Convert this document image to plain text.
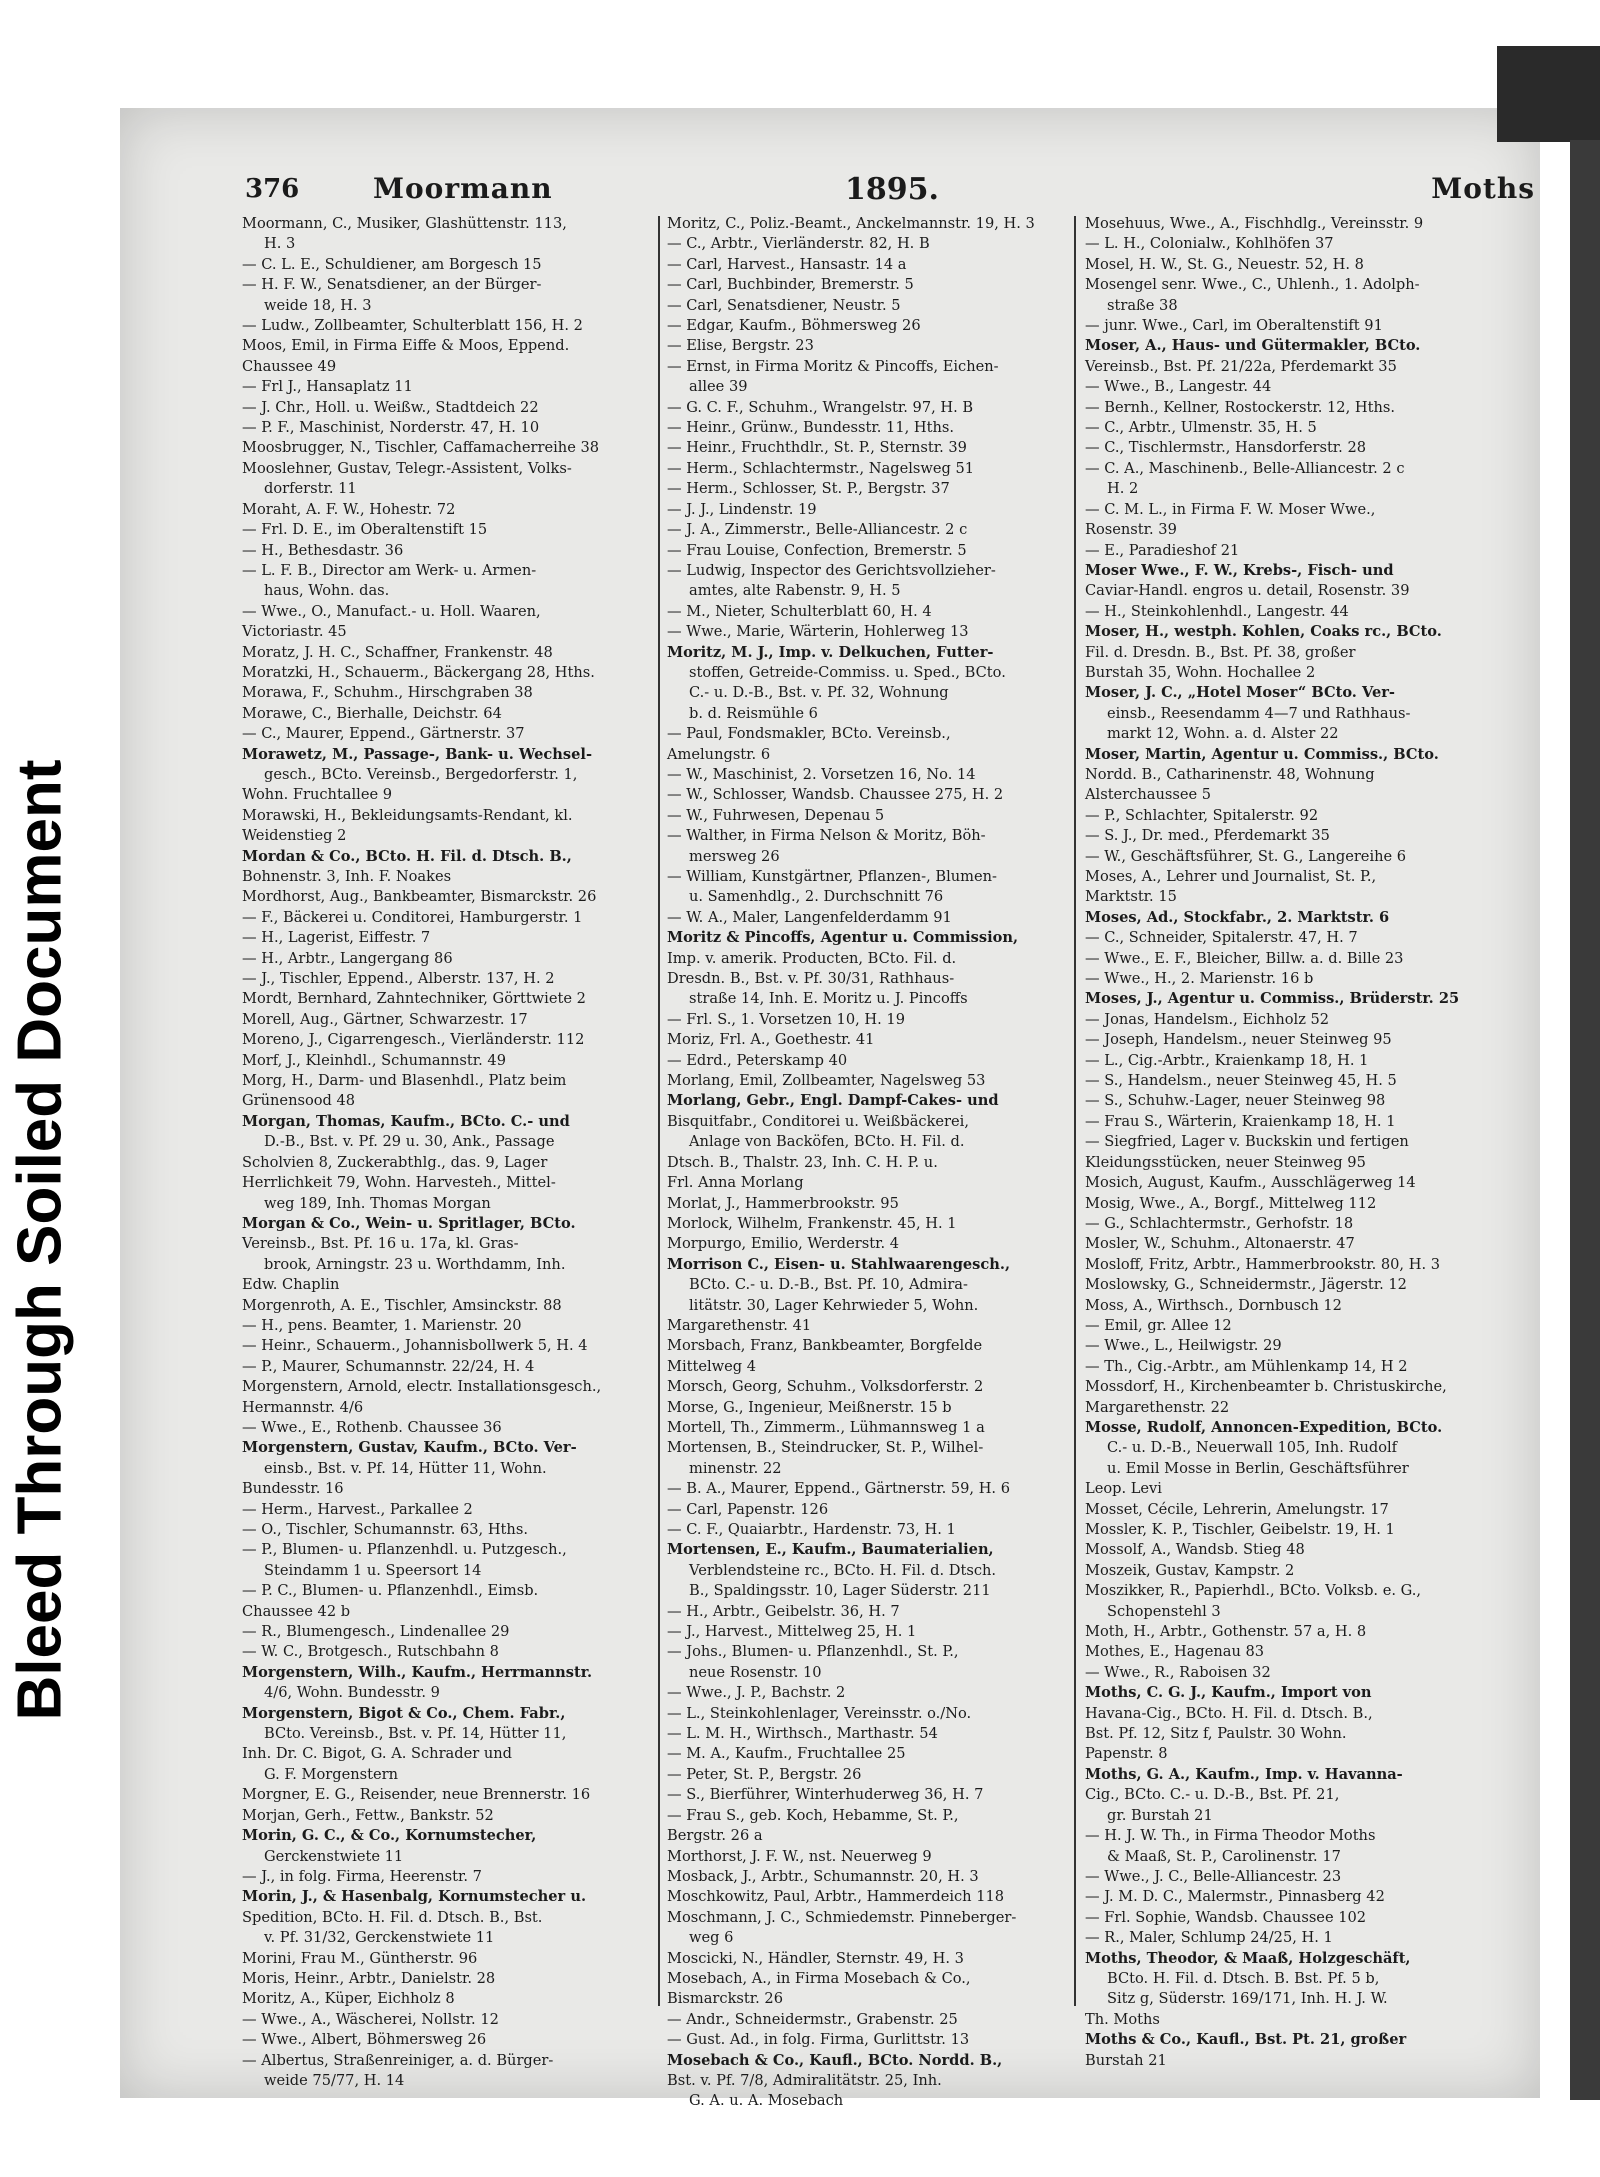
Bleed Through Soiled Document
376	Moormann	1895.	Moths
Moormann, C., Musiker, Glashüttenstr. 113,
H. 3
— C. L. E., Schuldiener, am Borgesch 15
— H. F. W., Senatsdiener, an der Bürger-
weide 18, H. 3
— Ludw., Zollbeamter, Schulterblatt 156, H. 2
Moos, Emil, in Firma Eiffe & Moos, Eppend.
Chaussee 49
— Frl J., Hansaplatz 11
— J. Chr., Holl. u. Weißw., Stadtdeich 22
— P. F., Maschinist, Norderstr. 47, H. 10
Moosbrugger, N., Tischler, Caffamacherreihe 38
Mooslehner, Gustav, Telegr.-Assistent, Volks-
dorferstr. 11
Moraht, A. F. W., Hohestr. 72
— Frl. D. E., im Oberaltenstift 15
— H., Bethesdastr. 36
— L. F. B., Director am Werk- u. Armen-
haus, Wohn. das.
— Wwe., O., Manufact.- u. Holl. Waaren,
Victoriastr. 45
Moratz, J. H. C., Schaffner, Frankenstr. 48
Moratzki, H., Schauerm., Bäckergang 28, Hths.
Morawa, F., Schuhm., Hirschgraben 38
Morawe, C., Bierhalle, Deichstr. 64
— C., Maurer, Eppend., Gärtnerstr. 37
Morawetz, M., Passage-, Bank- u. Wechsel-
gesch., BCto. Vereinsb., Bergedorferstr. 1,
Wohn. Fruchtallee 9
Morawski, H., Bekleidungsamts-Rendant, kl.
Weidenstieg 2
Mordan & Co., BCto. H. Fil. d. Dtsch. B.,
Bohnenstr. 3, Inh. F. Noakes
Mordhorst, Aug., Bankbeamter, Bismarckstr. 26
— F., Bäckerei u. Conditorei, Hamburgerstr. 1
— H., Lagerist, Eiffestr. 7
— H., Arbtr., Langergang 86
— J., Tischler, Eppend., Alberstr. 137, H. 2
Mordt, Bernhard, Zahntechniker, Görttwiete 2
Morell, Aug., Gärtner, Schwarzestr. 17
Moreno, J., Cigarrengesch., Vierländerstr. 112
Morf, J., Kleinhdl., Schumannstr. 49
Morg, H., Darm- und Blasenhdl., Platz beim
Grünensood 48
Morgan, Thomas, Kaufm., BCto. C.- und
D.-B., Bst. v. Pf. 29 u. 30, Ank., Passage
Scholvien 8, Zuckerabthlg., das. 9, Lager
Herrlichkeit 79, Wohn. Harvesteh., Mittel-
weg 189, Inh. Thomas Morgan
Morgan & Co., Wein- u. Spritlager, BCto.
Vereinsb., Bst. Pf. 16 u. 17a, kl. Gras-
brook, Arningstr. 23 u. Worthdamm, Inh.
Edw. Chaplin
Morgenroth, A. E., Tischler, Amsinckstr. 88
— H., pens. Beamter, 1. Marienstr. 20
— Heinr., Schauerm., Johannisbollwerk 5, H. 4
— P., Maurer, Schumannstr. 22/24, H. 4
Morgenstern, Arnold, electr. Installationsgesch.,
Hermannstr. 4/6
— Wwe., E., Rothenb. Chaussee 36
Morgenstern, Gustav, Kaufm., BCto. Ver-
einsb., Bst. v. Pf. 14, Hütter 11, Wohn.
Bundesstr. 16
— Herm., Harvest., Parkallee 2
— O., Tischler, Schumannstr. 63, Hths.
— P., Blumen- u. Pflanzenhdl. u. Putzgesch.,
Steindamm 1 u. Speersort 14
— P. C., Blumen- u. Pflanzenhdl., Eimsb.
Chaussee 42 b
— R., Blumengesch., Lindenallee 29
— W. C., Brotgesch., Rutschbahn 8
Morgenstern, Wilh., Kaufm., Herrmannstr.
4/6, Wohn. Bundesstr. 9
Morgenstern, Bigot & Co., Chem. Fabr.,
BCto. Vereinsb., Bst. v. Pf. 14, Hütter 11,
Inh. Dr. C. Bigot, G. A. Schrader und
G. F. Morgenstern
Morgner, E. G., Reisender, neue Brennerstr. 16
Morjan, Gerh., Fettw., Bankstr. 52
Morin, G. C., & Co., Kornumstecher,
Gerckenstwiete 11
— J., in folg. Firma, Heerenstr. 7
Morin, J., & Hasenbalg, Kornumstecher u.
Spedition, BCto. H. Fil. d. Dtsch. B., Bst.
v. Pf. 31/32, Gerckenstwiete 11
Morini, Frau M., Güntherstr. 96
Moris, Heinr., Arbtr., Danielstr. 28
Moritz, A., Küper, Eichholz 8
— Wwe., A., Wäscherei, Nollstr. 12
— Wwe., Albert, Böhmersweg 26
— Albertus, Straßenreiniger, a. d. Bürger-
weide 75/77, H. 14
Moritz, C., Poliz.-Beamt., Anckelmannstr. 19, H. 3
— C., Arbtr., Vierländerstr. 82, H. B
— Carl, Harvest., Hansastr. 14 a
— Carl, Buchbinder, Bremerstr. 5
— Carl, Senatsdiener, Neustr. 5
— Edgar, Kaufm., Böhmersweg 26
— Elise, Bergstr. 23
— Ernst, in Firma Moritz & Pincoffs, Eichen-
allee 39
— G. C. F., Schuhm., Wrangelstr. 97, H. B
— Heinr., Grünw., Bundesstr. 11, Hths.
— Heinr., Fruchthdlr., St. P., Sternstr. 39
— Herm., Schlachtermstr., Nagelsweg 51
— Herm., Schlosser, St. P., Bergstr. 37
— J. J., Lindenstr. 19
— J. A., Zimmerstr., Belle-Alliancestr. 2 c
— Frau Louise, Confection, Bremerstr. 5
— Ludwig, Inspector des Gerichtsvollzieher-
amtes, alte Rabenstr. 9, H. 5
— M., Nieter, Schulterblatt 60, H. 4
— Wwe., Marie, Wärterin, Hohlerweg 13
Moritz, M. J., Imp. v. Delkuchen, Futter-
stoffen, Getreide-Commiss. u. Sped., BCto.
C.- u. D.-B., Bst. v. Pf. 32, Wohnung
b. d. Reismühle 6
— Paul, Fondsmakler, BCto. Vereinsb.,
Amelungstr. 6
— W., Maschinist, 2. Vorsetzen 16, No. 14
— W., Schlosser, Wandsb. Chaussee 275, H. 2
— W., Fuhrwesen, Depenau 5
— Walther, in Firma Nelson & Moritz, Böh-
mersweg 26
— William, Kunstgärtner, Pflanzen-, Blumen-
u. Samenhdlg., 2. Durchschnitt 76
— W. A., Maler, Langenfelderdamm 91
Moritz & Pincoffs, Agentur u. Commission,
Imp. v. amerik. Producten, BCto. Fil. d.
Dresdn. B., Bst. v. Pf. 30/31, Rathhaus-
straße 14, Inh. E. Moritz u. J. Pincoffs
— Frl. S., 1. Vorsetzen 10, H. 19
Moriz, Frl. A., Goethestr. 41
— Edrd., Peterskamp 40
Morlang, Emil, Zollbeamter, Nagelsweg 53
Morlang, Gebr., Engl. Dampf-Cakes- und
Bisquitfabr., Conditorei u. Weißbäckerei,
Anlage von Backöfen, BCto. H. Fil. d.
Dtsch. B., Thalstr. 23, Inh. C. H. P. u.
Frl. Anna Morlang
Morlat, J., Hammerbrookstr. 95
Morlock, Wilhelm, Frankenstr. 45, H. 1
Morpurgo, Emilio, Werderstr. 4
Morrison C., Eisen- u. Stahlwaarengesch.,
BCto. C.- u. D.-B., Bst. Pf. 10, Admira-
litätstr. 30, Lager Kehrwieder 5, Wohn.
Margarethenstr. 41
Morsbach, Franz, Bankbeamter, Borgfelde
Mittelweg 4
Morsch, Georg, Schuhm., Volksdorferstr. 2
Morse, G., Ingenieur, Meißnerstr. 15 b
Mortell, Th., Zimmerm., Lühmannsweg 1 a
Mortensen, B., Steindrucker, St. P., Wilhel-
minenstr. 22
— B. A., Maurer, Eppend., Gärtnerstr. 59, H. 6
— Carl, Papenstr. 126
— C. F., Quaiarbtr., Hardenstr. 73, H. 1
Mortensen, E., Kaufm., Baumaterialien,
Verblendsteine rc., BCto. H. Fil. d. Dtsch.
B., Spaldingsstr. 10, Lager Süderstr. 211
— H., Arbtr., Geibelstr. 36, H. 7
— J., Harvest., Mittelweg 25, H. 1
— Johs., Blumen- u. Pflanzenhdl., St. P.,
neue Rosenstr. 10
— Wwe., J. P., Bachstr. 2
— L., Steinkohlenlager, Vereinsstr. o./No.
— L. M. H., Wirthsch., Marthastr. 54
— M. A., Kaufm., Fruchtallee 25
— Peter, St. P., Bergstr. 26
— S., Bierführer, Winterhuderweg 36, H. 7
— Frau S., geb. Koch, Hebamme, St. P.,
Bergstr. 26 a
Morthorst, J. F. W., nst. Neuerweg 9
Mosback, J., Arbtr., Schumannstr. 20, H. 3
Moschkowitz, Paul, Arbtr., Hammerdeich 118
Moschmann, J. C., Schmiedemstr. Pinneberger-
weg 6
Moscicki, N., Händler, Sternstr. 49, H. 3
Mosebach, A., in Firma Mosebach & Co.,
Bismarckstr. 26
— Andr., Schneidermstr., Grabenstr. 25
— Gust. Ad., in folg. Firma, Gurlittstr. 13
Mosebach & Co., Kaufl., BCto. Nordd. B.,
Bst. v. Pf. 7/8, Admiralitätstr. 25, Inh.
G. A. u. A. Mosebach
Mosehuus, Wwe., A., Fischhdlg., Vereinsstr. 9
— L. H., Colonialw., Kohlhöfen 37
Mosel, H. W., St. G., Neuestr. 52, H. 8
Mosengel senr. Wwe., C., Uhlenh., 1. Adolph-
straße 38
— junr. Wwe., Carl, im Oberaltenstift 91
Moser, A., Haus- und Gütermakler, BCto.
Vereinsb., Bst. Pf. 21/22a, Pferdemarkt 35
— Wwe., B., Langestr. 44
— Bernh., Kellner, Rostockerstr. 12, Hths.
— C., Arbtr., Ulmenstr. 35, H. 5
— C., Tischlermstr., Hansdorferstr. 28
— C. A., Maschinenb., Belle-Alliancestr. 2 c
H. 2
— C. M. L., in Firma F. W. Moser Wwe.,
Rosenstr. 39
— E., Paradieshof 21
Moser Wwe., F. W., Krebs-, Fisch- und
Caviar-Handl. engros u. detail, Rosenstr. 39
— H., Steinkohlenhdl., Langestr. 44
Moser, H., westph. Kohlen, Coaks rc., BCto.
Fil. d. Dresdn. B., Bst. Pf. 38, großer
Burstah 35, Wohn. Hochallee 2
Moser, J. C., „Hotel Moser“ BCto. Ver-
einsb., Reesendamm 4—7 und Rathhaus-
markt 12, Wohn. a. d. Alster 22
Moser, Martin, Agentur u. Commiss., BCto.
Nordd. B., Catharinenstr. 48, Wohnung
Alsterchaussee 5
— P., Schlachter, Spitalerstr. 92
— S. J., Dr. med., Pferdemarkt 35
— W., Geschäftsführer, St. G., Langereihe 6
Moses, A., Lehrer und Journalist, St. P.,
Marktstr. 15
Moses, Ad., Stockfabr., 2. Marktstr. 6
— C., Schneider, Spitalerstr. 47, H. 7
— Wwe., E. F., Bleicher, Billw. a. d. Bille 23
— Wwe., H., 2. Marienstr. 16 b
Moses, J., Agentur u. Commiss., Brüderstr. 25
— Jonas, Handelsm., Eichholz 52
— Joseph, Handelsm., neuer Steinweg 95
— L., Cig.-Arbtr., Kraienkamp 18, H. 1
— S., Handelsm., neuer Steinweg 45, H. 5
— S., Schuhw.-Lager, neuer Steinweg 98
— Frau S., Wärterin, Kraienkamp 18, H. 1
— Siegfried, Lager v. Buckskin und fertigen
Kleidungsstücken, neuer Steinweg 95
Mosich, August, Kaufm., Ausschlägerweg 14
Mosig, Wwe., A., Borgf., Mittelweg 112
— G., Schlachtermstr., Gerhofstr. 18
Mosler, W., Schuhm., Altonaerstr. 47
Mosloff, Fritz, Arbtr., Hammerbrookstr. 80, H. 3
Moslowsky, G., Schneidermstr., Jägerstr. 12
Moss, A., Wirthsch., Dornbusch 12
— Emil, gr. Allee 12
— Wwe., L., Heilwigstr. 29
— Th., Cig.-Arbtr., am Mühlenkamp 14, H 2
Mossdorf, H., Kirchenbeamter b. Christuskirche,
Margarethenstr. 22
Mosse, Rudolf, Annoncen-Expedition, BCto.
C.- u. D.-B., Neuerwall 105, Inh. Rudolf
u. Emil Mosse in Berlin, Geschäftsführer
Leop. Levi
Mosset, Cécile, Lehrerin, Amelungstr. 17
Mossler, K. P., Tischler, Geibelstr. 19, H. 1
Mossolf, A., Wandsb. Stieg 48
Moszeik, Gustav, Kampstr. 2
Moszikker, R., Papierhdl., BCto. Volksb. e. G.,
Schopenstehl 3
Moth, H., Arbtr., Gothenstr. 57 a, H. 8
Mothes, E., Hagenau 83
— Wwe., R., Raboisen 32
Moths, C. G. J., Kaufm., Import von
Havana-Cig., BCto. H. Fil. d. Dtsch. B.,
Bst. Pf. 12, Sitz f, Paulstr. 30 Wohn.
Papenstr. 8
Moths, G. A., Kaufm., Imp. v. Havanna-
Cig., BCto. C.- u. D.-B., Bst. Pf. 21,
gr. Burstah 21
— H. J. W. Th., in Firma Theodor Moths
& Maaß, St. P., Carolinenstr. 17
— Wwe., J. C., Belle-Alliancestr. 23
— J. M. D. C., Malermstr., Pinnasberg 42
— Frl. Sophie, Wandsb. Chaussee 102
— R., Maler, Schlump 24/25, H. 1
Moths, Theodor, & Maaß, Holzgeschäft,
BCto. H. Fil. d. Dtsch. B. Bst. Pf. 5 b,
Sitz g, Süderstr. 169/171, Inh. H. J. W.
Th. Moths
Moths & Co., Kaufl., Bst. Pt. 21, großer
Burstah 21
